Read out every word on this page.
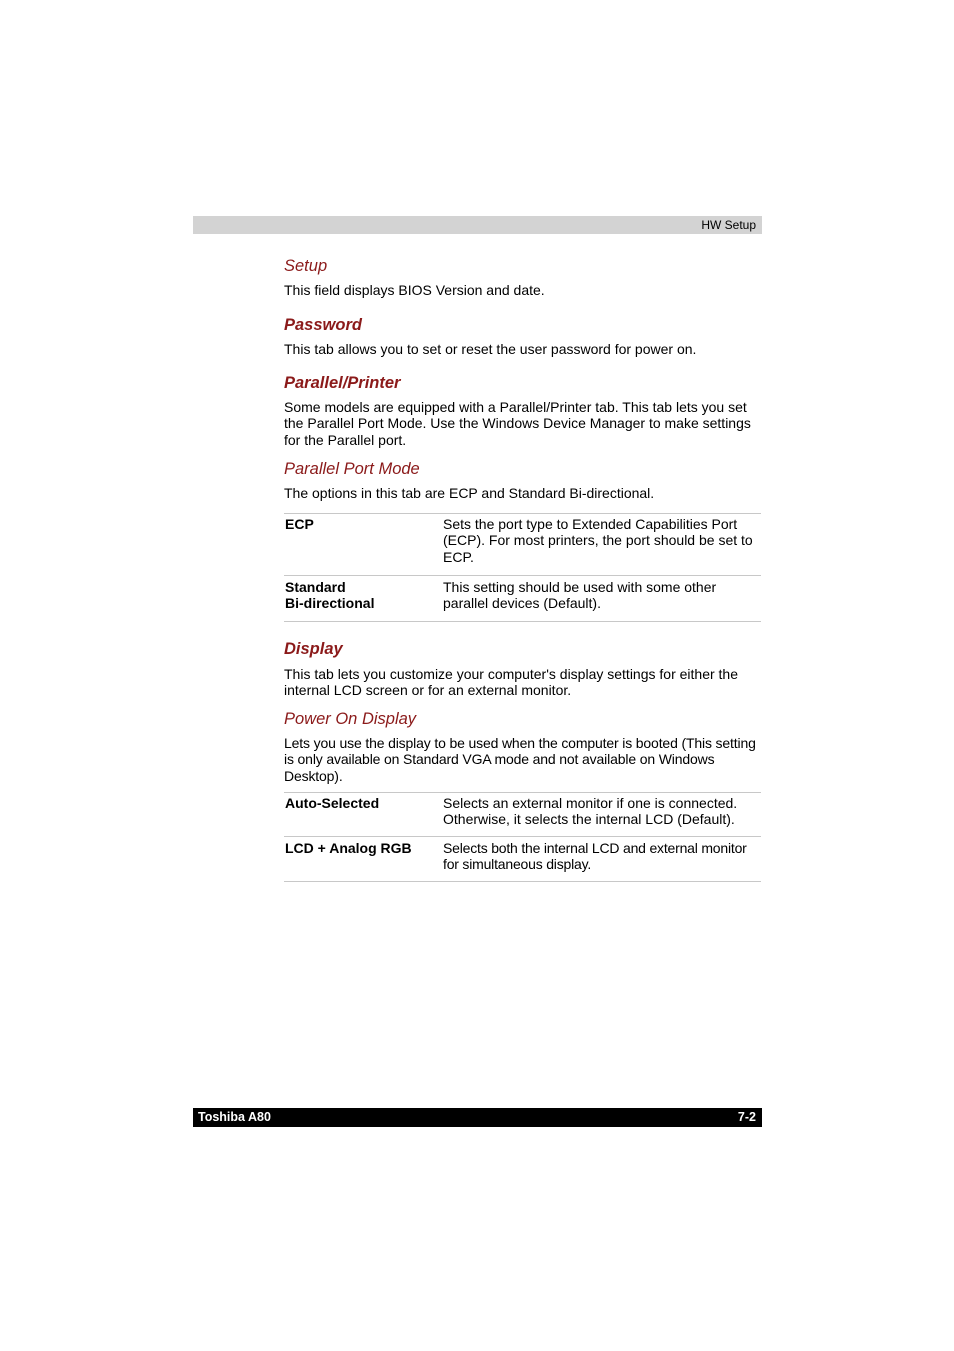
HW Setup
Setup
This field displays BIOS Version and date.
Password
This tab allows you to set or reset the user password for power on.
Parallel/Printer
Some models are equipped with a Parallel/Printer tab. This tab lets you set the Parallel Port Mode. Use the Windows Device Manager to make settings for the Parallel port.
Parallel Port Mode
The options in this tab are ECP and Standard Bi-directional.
ECP	Sets the port type to Extended Capabilities Port (ECP). For most printers, the port should be set to ECP.

Standard
Bi-directional	This setting should be used with some other parallel devices (Default).
Display
This tab lets you customize your computer's display settings for either the internal LCD screen or for an external monitor.
Power On Display
Lets you use the display to be used when the computer is booted (This setting is only available on Standard VGA mode and not available on Windows Desktop).
Auto-Selected	Selects an external monitor if one is connected. Otherwise, it selects the internal LCD (Default).
LCD + Analog RGB	Selects both the internal LCD and external monitor for simultaneous display.
Toshiba A80	7-2
